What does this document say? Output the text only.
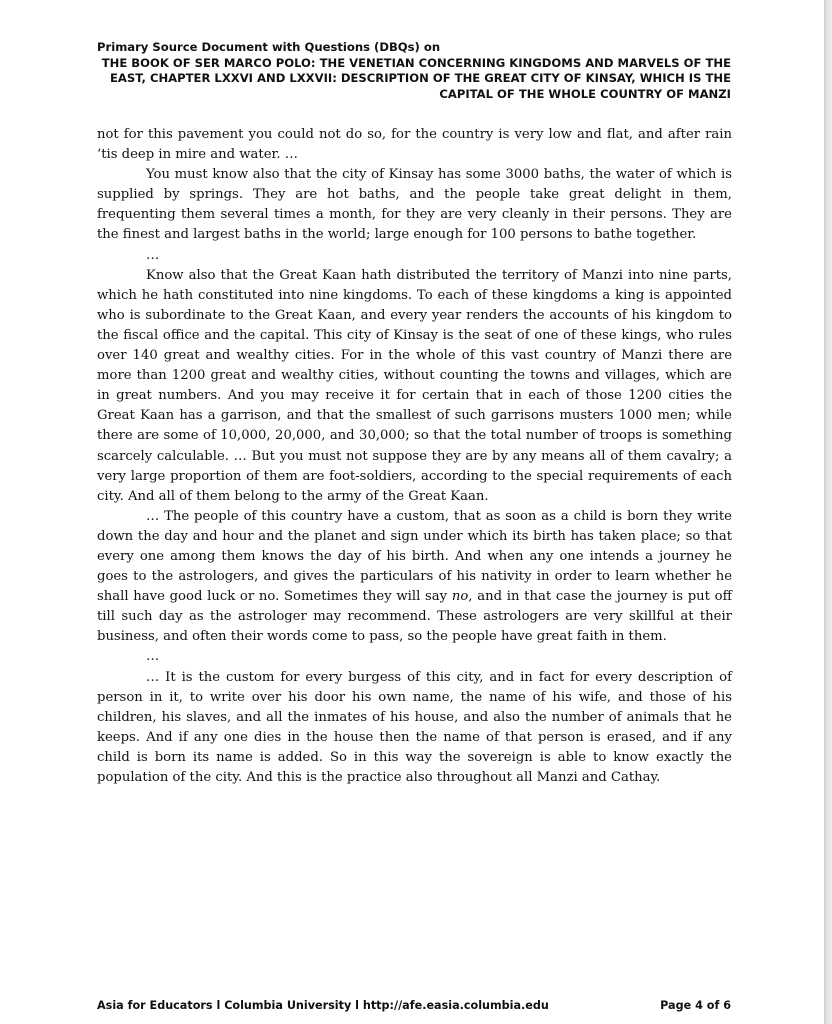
Primary Source Document with Questions (DBQs) on
THE BOOK OF SER MARCO POLO: THE VENETIAN CONCERNING KINGDOMS AND MARVELS OF THE EAST, CHAPTER LXXVI AND LXXVII: DESCRIPTION OF THE GREAT CITY OF KINSAY, WHICH IS THE CAPITAL OF THE WHOLE COUNTRY OF MANZI

not for this pavement you could not do so, for the country is very low and flat, and after rain ‘tis deep in mire and water. …

You must know also that the city of Kinsay has some 3000 baths, the water of which is supplied by springs. They are hot baths, and the people take great delight in them, frequenting them several times a month, for they are very cleanly in their persons. They are the finest and largest baths in the world; large enough for 100 persons to bathe together.

…

Know also that the Great Kaan hath distributed the territory of Manzi into nine parts, which he hath constituted into nine kingdoms. To each of these kingdoms a king is appointed who is subordinate to the Great Kaan, and every year renders the accounts of his kingdom to the fiscal office and the capital. This city of Kinsay is the seat of one of these kings, who rules over 140 great and wealthy cities. For in the whole of this vast country of Manzi there are more than 1200 great and wealthy cities, without counting the towns and villages, which are in great numbers. And you may receive it for certain that in each of those 1200 cities the Great Kaan has a garrison, and that the smallest of such garrisons musters 1000 men; while there are some of 10,000, 20,000, and 30,000; so that the total number of troops is something scarcely calculable. … But you must not suppose they are by any means all of them cavalry; a very large proportion of them are foot-soldiers, according to the special requirements of each city. And all of them belong to the army of the Great Kaan.

… The people of this country have a custom, that as soon as a child is born they write down the day and hour and the planet and sign under which its birth has taken place; so that every one among them knows the day of his birth. And when any one intends a journey he goes to the astrologers, and gives the particulars of his nativity in order to learn whether he shall have good luck or no. Sometimes they will say no, and in that case the journey is put off till such day as the astrologer may recommend. These astrologers are very skillful at their business, and often their words come to pass, so the people have great faith in them.

…

… It is the custom for every burgess of this city, and in fact for every description of person in it, to write over his door his own name, the name of his wife, and those of his children, his slaves, and all the inmates of his house, and also the number of animals that he keeps. And if any one dies in the house then the name of that person is erased, and if any child is born its name is added. So in this way the sovereign is able to know exactly the population of the city. And this is the practice also throughout all Manzi and Cathay.

Asia for Educators l Columbia University l http://afe.easia.columbia.edu	Page 4 of 6
